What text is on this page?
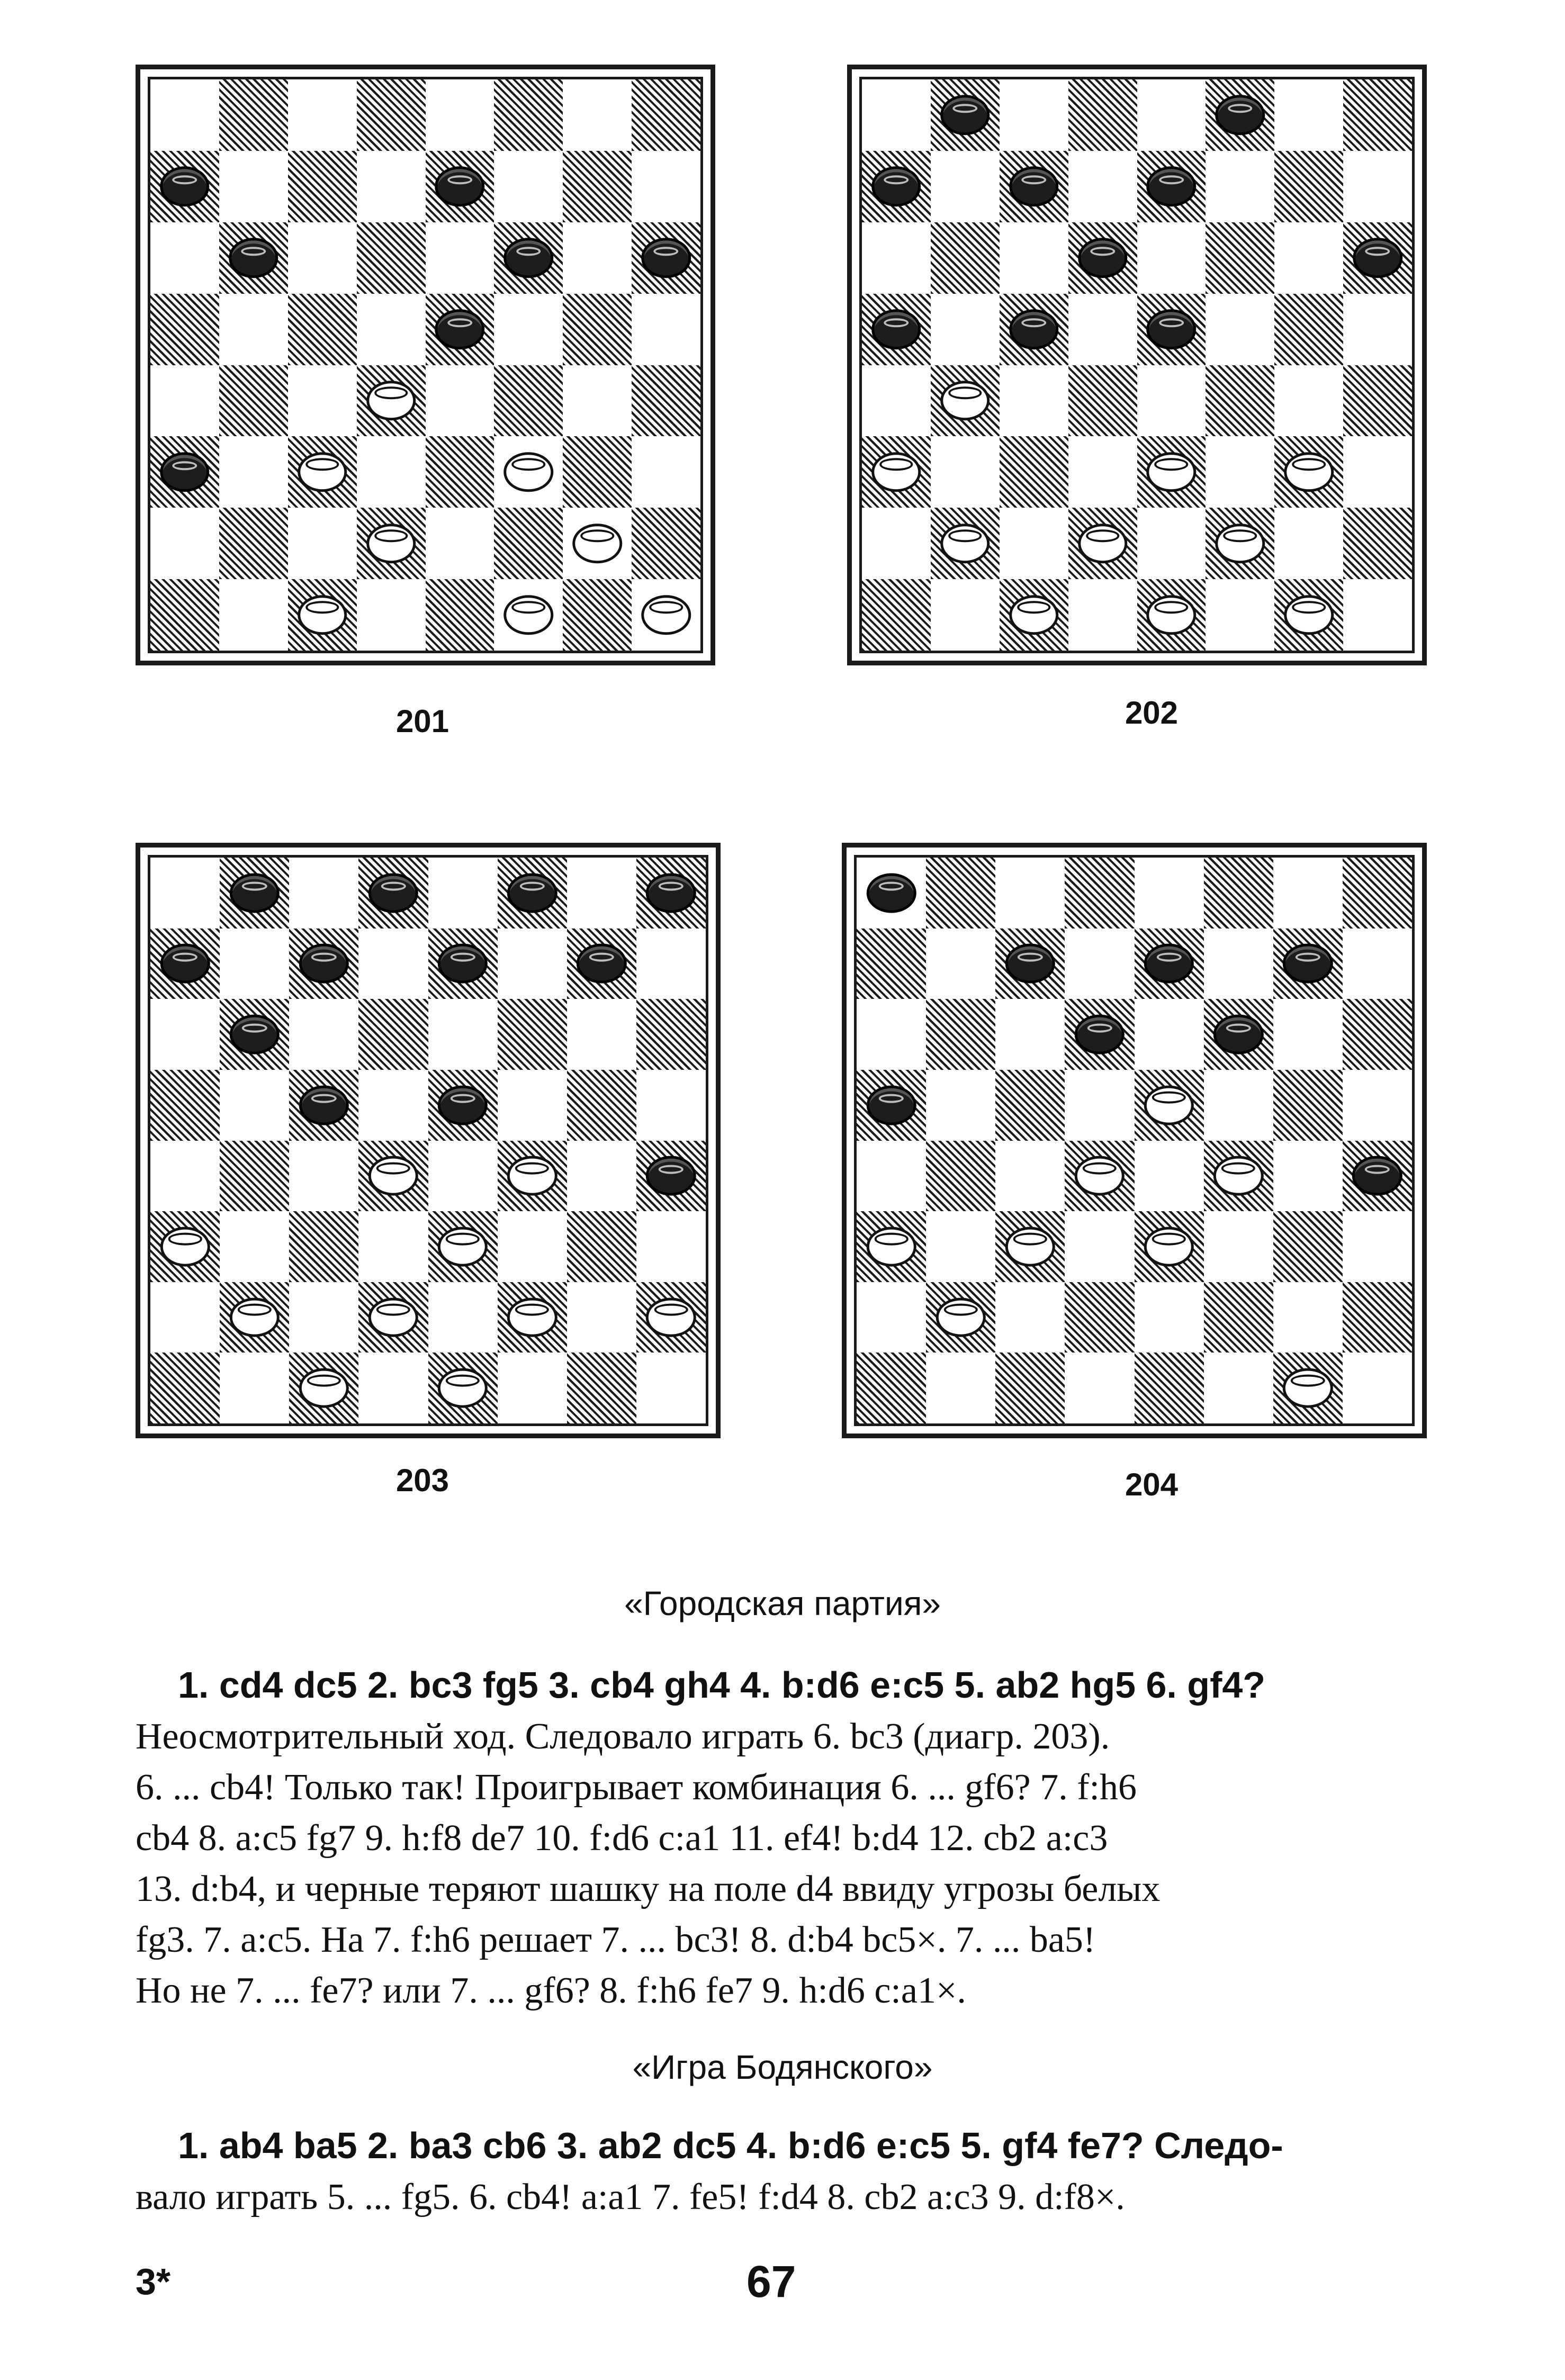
201	202
203	204
«Городская партия»
1. cd4 dc5 2. bc3 fg5 3. cb4 gh4 4. b:d6 e:c5 5. ab2 hg5 6. gf4?
Неосмотрительный ход. Следовало играть 6. bc3 (диагр. 203).
6. ... cb4! Только так! Проигрывает комбинация 6. ... gf6? 7. f:h6
cb4 8. a:c5 fg7 9. h:f8 de7 10. f:d6 c:a1 11. ef4! b:d4 12. cb2 a:c3
13. d:b4, и черные теряют шашку на поле d4 ввиду угрозы белых
fg3. 7. a:c5. На 7. f:h6 решает 7. ... bc3! 8. d:b4 bc5×. 7. ... ba5!
Но не 7. ... fe7? или 7. ... gf6? 8. f:h6 fe7 9. h:d6 c:a1×.
«Игра Бодянского»
1. ab4 ba5 2. ba3 cb6 3. ab2 dc5 4. b:d6 e:c5 5. gf4 fe7? Следо-
вало играть 5. ... fg5. 6. cb4! a:a1 7. fe5! f:d4 8. cb2 a:c3 9. d:f8×.
3*	67
